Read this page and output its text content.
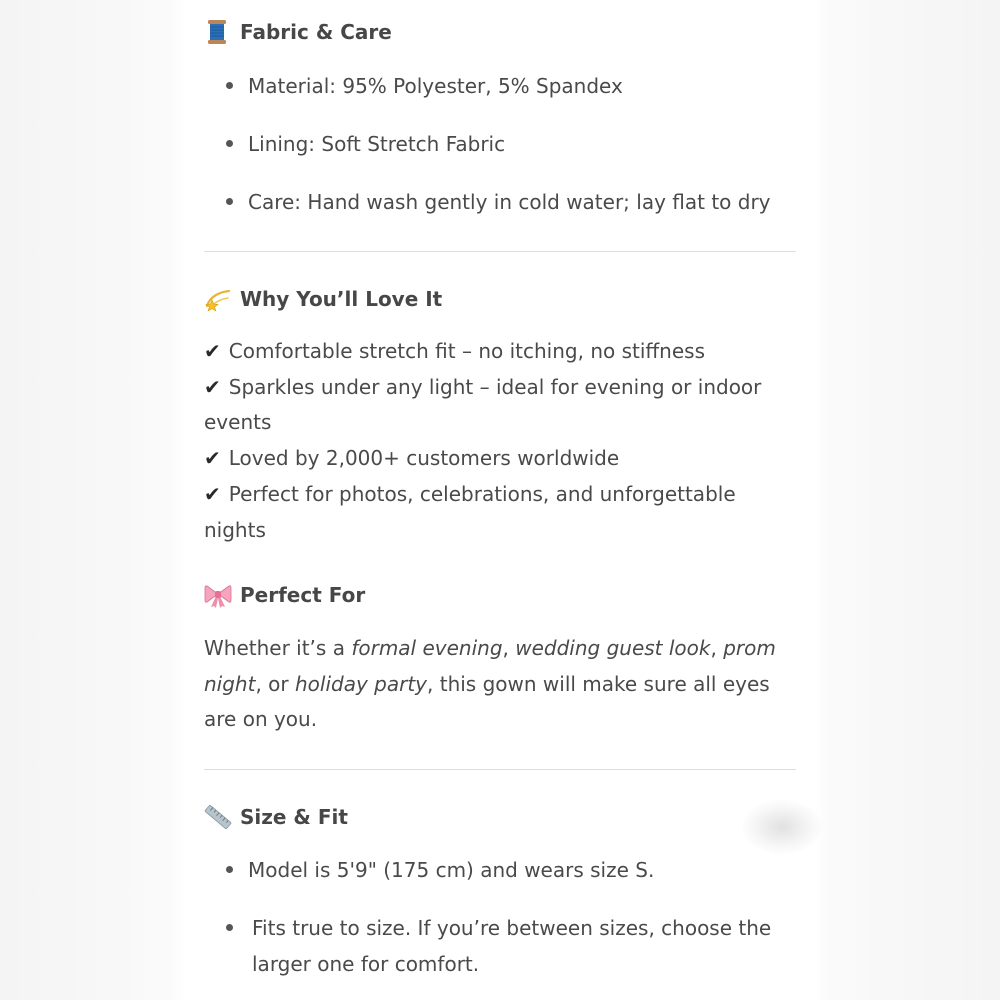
Fabric & Care
Material: 95% Polyester, 5% Spandex
Lining: Soft Stretch Fabric
Care: Hand wash gently in cold water; lay flat to dry
Why You’ll Love It
✔ Comfortable stretch fit – no itching, no stiffness
✔ Sparkles under any light – ideal for evening or indoor events
✔ Loved by 2,000+ customers worldwide
✔ Perfect for photos, celebrations, and unforgettable nights
Perfect For
Whether it’s a formal evening, wedding guest look, prom night, or holiday party, this gown will make sure all eyes are on you.
Size & Fit
Model is 5'9" (175 cm) and wears size S.
Fits true to size. If you’re between sizes, choose the larger one for comfort.
